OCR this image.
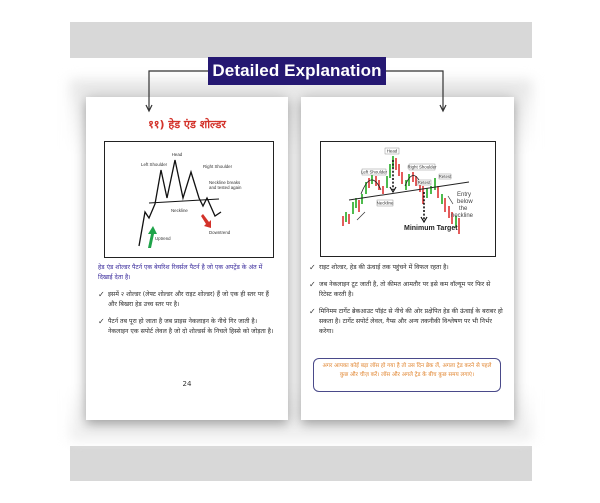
Detailed Explanation
११) हेड एंड शोल्डर
Head
Left Shoulder	Right Shoulder
Neckline breaks
and tested again
Neckline
Uptrend
Downtrend
हेड एंड शोल्डर पैटर्न एक बेयरिश रिवर्सल पैटर्न है जो एक अपट्रेंड के अंत में दिखाई देता है।
✓ इसमें २ शोल्डर (लेफ्ट शोल्डर और राइट शोल्डर) हैं जो एक ही स्तर पर हैं और बिखरा हेड उच्च स्तर पर है।
✓ पैटर्न तब पूरा हो जाता है जब प्राइस नेकलाइन के नीचे गिर जाती है। नेकलाइन एक सपोर्ट लेवल है जो दो शोल्डर्स के निचले हिस्से को जोड़ता है।
24
Head
Left Shoulder
Right Shoulder
Neckline
Retest
Retest
Minimum Target
Entry
below
the
neckline
✓ राइट शोल्डर, हेड की ऊंचाई तक पहुंचने में विफल रहता है।
✓ जब नेकलाइन टूट जाती है, तो कीमत आमतौर पर इसे कम वॉल्यूम पर फिर से रिटेस्ट करती है।
✓ मिनिमम टार्गेट ब्रेकआउट पॉइंट से नीचे की ओर प्रक्षेपित हेड की ऊंचाई के बराबर हो सकता है। टार्गेट सपोर्ट लेवल, गैप्स और अन्य तकनीकी विश्लेषण पर भी निर्भर करेगा।
अगर आपका कोई बड़ा लॉस हो गया है तो उस दिन ब्रेक लें, अगला ट्रेड करने से पहले कुछ और चीज़ करें। लॉस और अगले ट्रेड के बीच कुछ समय लगाएं।
